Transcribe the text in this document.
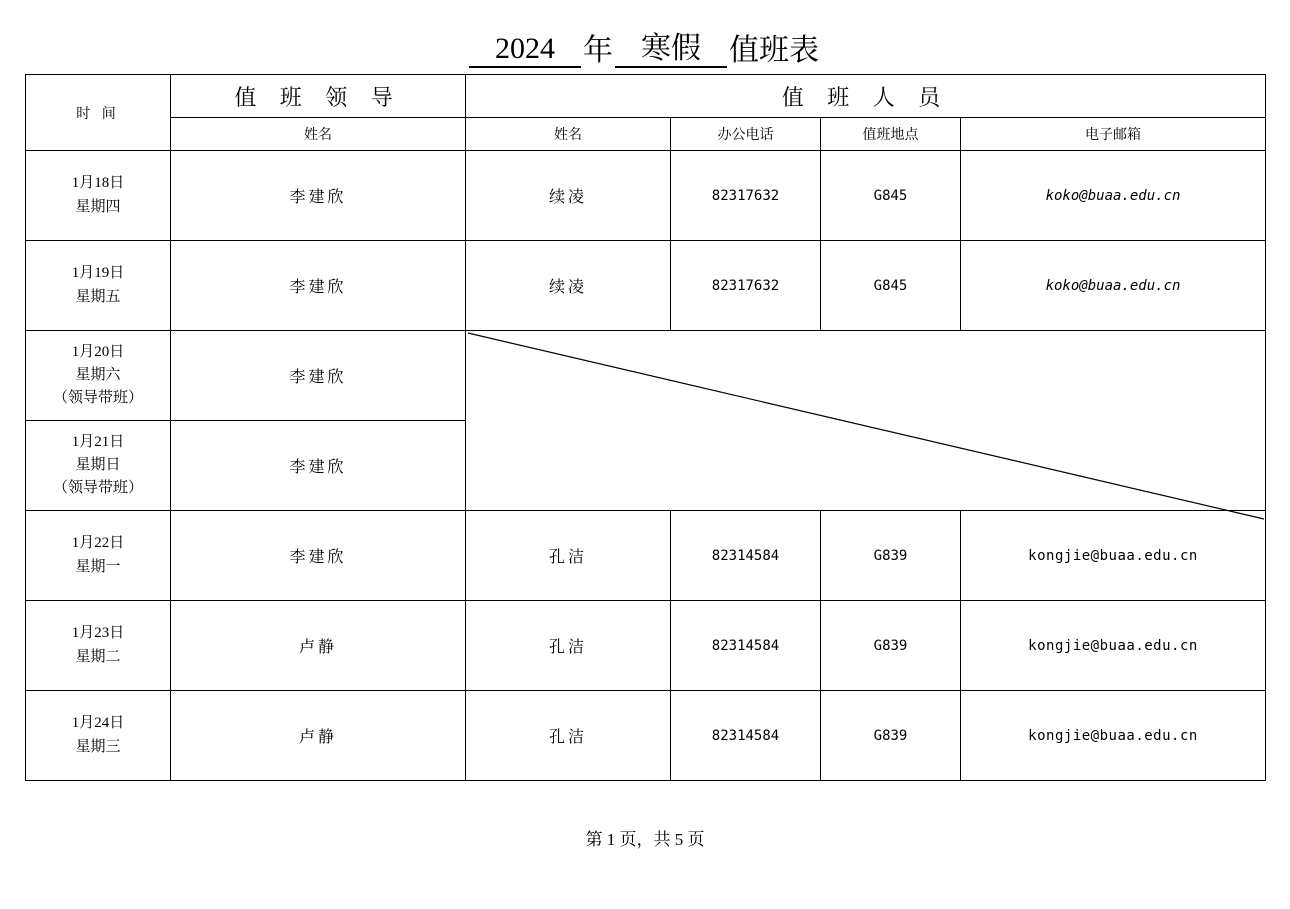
2024 年 寒假 值班表
时 间	值 班 领 导	值 班 人 员			
	姓名	姓名	办公电话	值班地点	电子邮箱

1月18日
星期四	李建欣	续凌	82317632	G845	koko@buaa.edu.cn

1月19日
星期五	李建欣	续凌	82317632	G845	koko@buaa.edu.cn

1月20日
星期六
（领导带班）	李建欣	

1月21日
星期日
（领导带班）	李建欣				

1月22日
星期一	李建欣	孔洁	82314584	G839	kongjie@buaa.edu.cn

1月23日
星期二	卢静	孔洁	82314584	G839	kongjie@buaa.edu.cn

1月24日
星期三	卢静	孔洁	82314584	G839	kongjie@buaa.edu.cn
第 1 页，共 5 页
